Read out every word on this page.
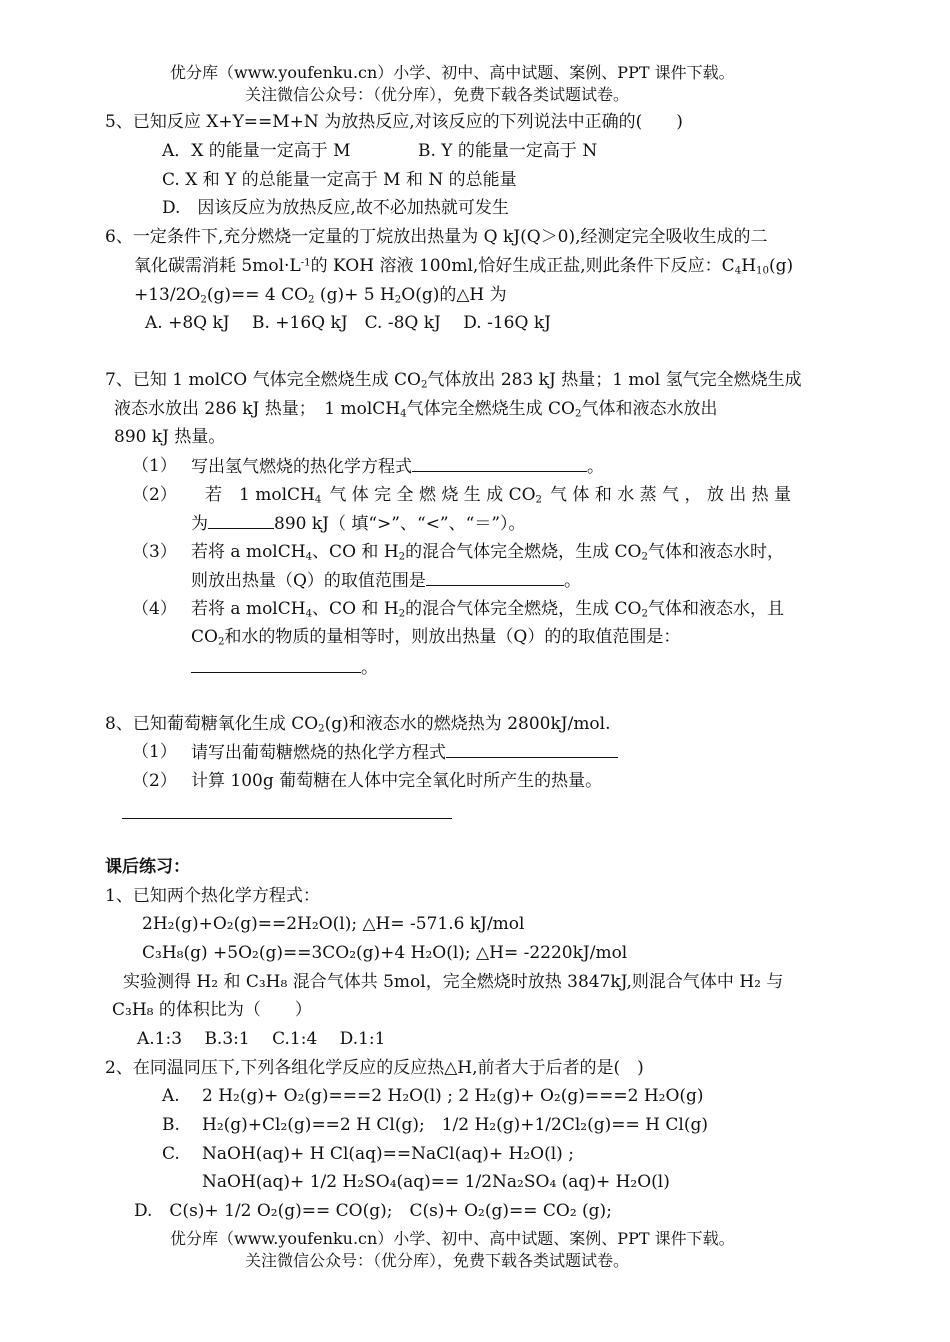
优分库（www.youfenku.cn）小学、初中、高中试题、案例、PPT 课件下载。
关注微信公众号：（优分库），免费下载各类试题试卷。
5、已知反应 X+Y==M+N 为放热反应,对该反应的下列说法中正确的(　　)
A．X 的能量一定高于 M	B. Y 的能量一定高于 N
C. X 和 Y 的总能量一定高于 M 和 N 的总能量
D.　因该反应为放热反应,故不必加热就可发生
6、一定条件下,充分燃烧一定量的丁烷放出热量为 Q kJ(Q＞0),经测定完全吸收生成的二
氧化碳需消耗 $5mol\cdot L^{-1}$的 KOH 溶液 100ml,恰好生成正盐,则此条件下反应：$C_4H_{10}(g)$
$+13/2O_2(g)== 4$ $CO_2$ (g)+ 5 $H_2O(g)$的△H 为
A. +8Q kJ　 B. +16Q kJ　C. -8Q kJ　 D. -16Q kJ
7、已知 1 molCO 气体完全燃烧生成 $CO_2$气体放出 283 kJ 热量；1 mol 氢气完全燃烧生成
液态水放出 286 kJ 热量；　1 molCH$_4$气体完全燃烧生成 $CO_2$气体和液态水放出
890 kJ 热量。
（1） 写出氢气燃烧的热化学方程式	。
（2） 若　1 molCH$_4$ 气 体 完 全 燃 烧 生 成 $CO_2$ 气 体 和 水 蒸 气 ， 放 出 热 量
为	890 kJ（ 填“>”、“<”、“＝”）。
（3） 若将 a molCH$_4$、CO 和 $H_2$的混合气体完全燃烧，生成 $CO_2$气体和液态水时，
则放出热量（Q）的取值范围是	。
（4） 若将 a molCH$_4$、CO 和 $H_2$的混合气体完全燃烧，生成 $CO_2$气体和液态水，且
$CO_2$和水的物质的量相等时，则放出热量（Q）的的取值范围是：
。
8、已知葡萄糖氧化生成 $CO_2(g)$和液态水的燃烧热为 2800kJ/mol.
（1） 请写出葡萄糖燃烧的热化学方程式
（2） 计算 100g 葡萄糖在人体中完全氧化时所产生的热量。
课后练习：
1、已知两个热化学方程式：
2H₂(g)+O₂(g)==2H₂O(l); △H= -571.6 kJ/mol
C₃H₈(g) +5O₂(g)==3CO₂(g)+4 H₂O(l); △H= -2220kJ/mol
实验测得 H₂ 和 C₃H₈ 混合气体共 5mol，完全燃烧时放热 3847kJ,则混合气体中 H₂ 与
C₃H₈ 的体积比为（　　）
A.1:3　 B.3:1　 C.1:4　 D.1:1
2、在同温同压下,下列各组化学反应的反应热△H,前者大于后者的是(　)
A. 2 H₂(g)+ O₂(g)===2 H₂O(l) ; 2 H₂(g)+ O₂(g)===2 H₂O(g)
B. H₂(g)+Cl₂(g)==2 H Cl(g);　1/2 H₂(g)+1/2Cl₂(g)== H Cl(g)
C. NaOH(aq)+ H Cl(aq)==NaCl(aq)+ H₂O(l) ;
NaOH(aq)+ 1/2 H₂SO₄(aq)== 1/2Na₂SO₄ (aq)+ H₂O(l)
D.　C(s)+ 1/2 O₂(g)== CO(g);　C(s)+ O₂(g)== CO₂ (g);
优分库（www.youfenku.cn）小学、初中、高中试题、案例、PPT 课件下载。
关注微信公众号：（优分库），免费下载各类试题试卷。
